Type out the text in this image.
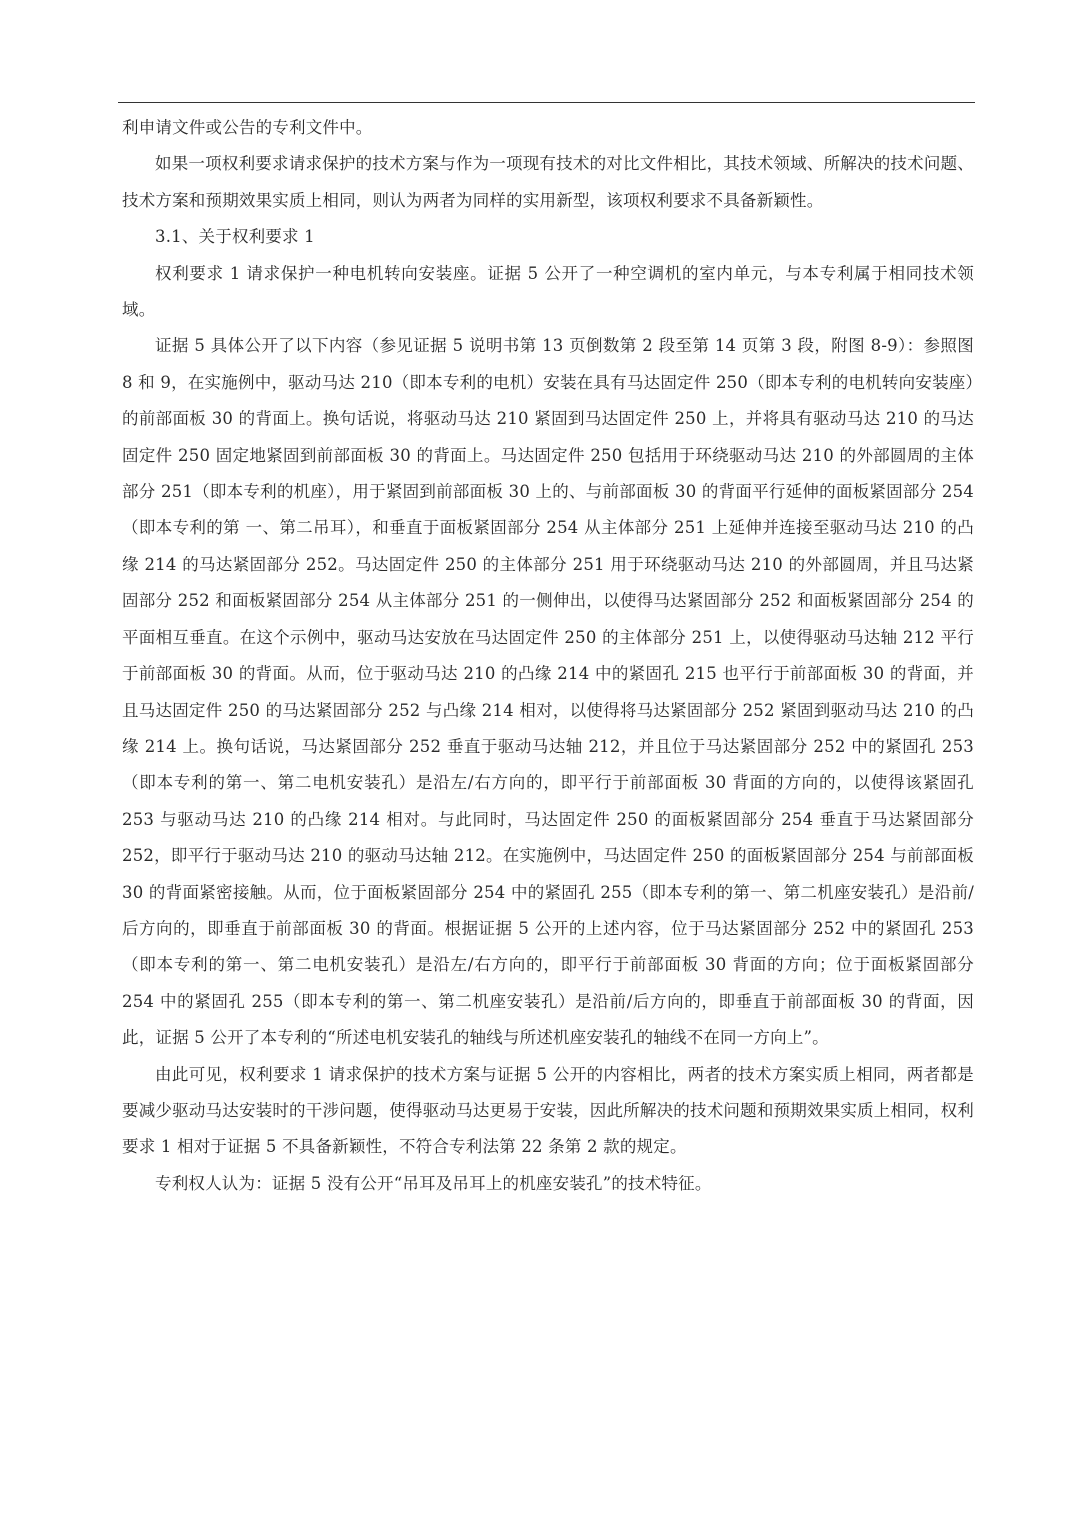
利申请文件或公告的专利文件中。

如果一项权利要求请求保护的技术方案与作为一项现有技术的对比文件相比，其技术领域、所解决的技术问题、技术方案和预期效果实质上相同，则认为两者为同样的实用新型，该项权利要求不具备新颖性。

3.1、关于权利要求 1

权利要求 1 请求保护一种电机转向安装座。证据 5 公开了一种空调机的室内单元，与本专利属于相同技术领域。

证据 5 具体公开了以下内容（参见证据 5 说明书第 13 页倒数第 2 段至第 14 页第 3 段，附图 8-9）：参照图 8 和 9，在实施例中，驱动马达 210（即本专利的电机）安装在具有马达固定件 250（即本专利的电机转向安装座）的前部面板 30 的背面上。换句话说，将驱动马达 210 紧固到马达固定件 250 上，并将具有驱动马达 210 的马达固定件 250 固定地紧固到前部面板 30 的背面上。马达固定件 250 包括用于环绕驱动马达 210 的外部圆周的主体部分 251（即本专利的机座），用于紧固到前部面板 30 上的、与前部面板 30 的背面平行延伸的面板紧固部分 254（即本专利的第 一、第二吊耳），和垂直于面板紧固部分 254 从主体部分 251 上延伸并连接至驱动马达 210 的凸缘 214 的马达紧固部分 252。马达固定件 250 的主体部分 251 用于环绕驱动马达 210 的外部圆周，并且马达紧固部分 252 和面板紧固部分 254 从主体部分 251 的一侧伸出，以使得马达紧固部分 252 和面板紧固部分 254 的平面相互垂直。在这个示例中，驱动马达安放在马达固定件 250 的主体部分 251 上，以使得驱动马达轴 212 平行于前部面板 30 的背面。从而，位于驱动马达 210 的凸缘 214 中的紧固孔 215 也平行于前部面板 30 的背面，并且马达固定件 250 的马达紧固部分 252 与凸缘 214 相对，以使得将马达紧固部分 252 紧固到驱动马达 210 的凸缘 214 上。换句话说，马达紧固部分 252 垂直于驱动马达轴 212，并且位于马达紧固部分 252 中的紧固孔 253（即本专利的第一、第二电机安装孔）是沿左/右方向的，即平行于前部面板 30 背面的方向的，以使得该紧固孔 253 与驱动马达 210 的凸缘 214 相对。与此同时，马达固定件 250 的面板紧固部分 254 垂直于马达紧固部分 252，即平行于驱动马达 210 的驱动马达轴 212。在实施例中，马达固定件 250 的面板紧固部分 254 与前部面板 30 的背面紧密接触。从而，位于面板紧固部分 254 中的紧固孔 255（即本专利的第一、第二机座安装孔）是沿前/后方向的，即垂直于前部面板 30 的背面。根据证据 5 公开的上述内容，位于马达紧固部分 252 中的紧固孔 253（即本专利的第一、第二电机安装孔）是沿左/右方向的，即平行于前部面板 30 背面的方向；位于面板紧固部分 254 中的紧固孔 255（即本专利的第一、第二机座安装孔）是沿前/后方向的，即垂直于前部面板 30 的背面，因此，证据 5 公开了本专利的“所述电机安装孔的轴线与所述机座安装孔的轴线不在同一方向上”。

由此可见，权利要求 1 请求保护的技术方案与证据 5 公开的内容相比，两者的技术方案实质上相同，两者都是要减少驱动马达安装时的干涉问题，使得驱动马达更易于安装，因此所解决的技术问题和预期效果实质上相同，权利要求 1 相对于证据 5 不具备新颖性，不符合专利法第 22 条第 2 款的规定。

专利权人认为：证据 5 没有公开“吊耳及吊耳上的机座安装孔”的技术特征。
